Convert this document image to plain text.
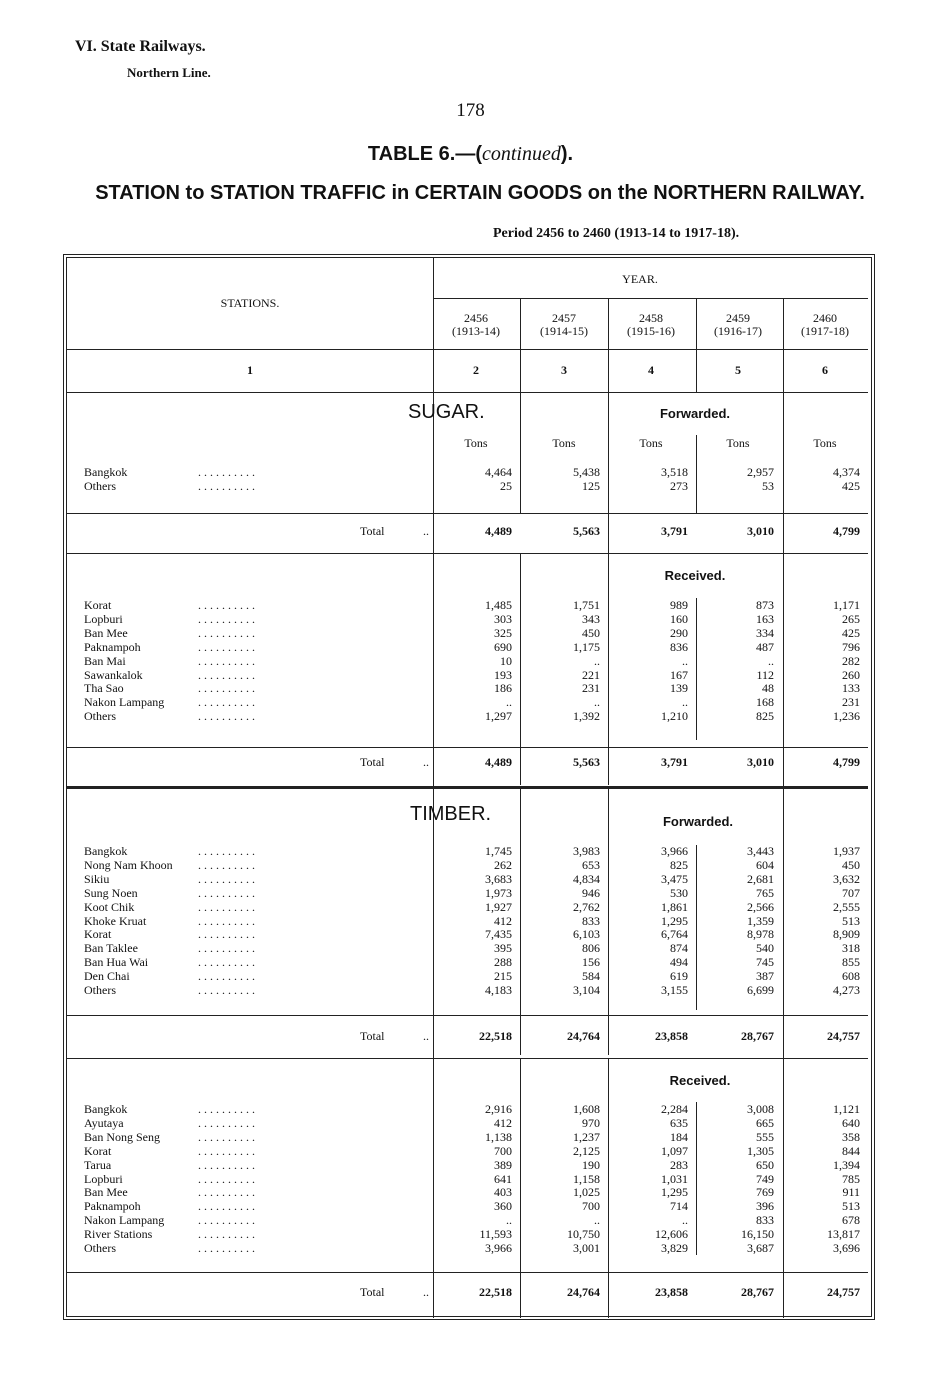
VI. State Railways.
Northern Line.
178
TABLE 6.—(continued).
STATION to STATION TRAFFIC in CERTAIN GOODS on the NORTHERN RAILWAY.
Period 2456 to 2460 (1913-14 to 1917-18).
STATIONS.
YEAR.
2456
(1913-14)
2457
(1914-15)
2458
(1915-16)
2459
(1916-17)
2460
(1917-18)
1	2	3	4	5	6
SUGAR.	Forwarded.
Tons	Tons	Tons	Tons	Tons
Bangkok	. . . . . . . . . .	4,464	5,438	3,518	2,957	4,374
Others	. . . . . . . . . .	25	125	273	53	425
Total	..	4,489	5,563	3,791	3,010	4,799
Received.
Korat	. . . . . . . . . .	1,485	1,751	989	873	1,171
Lopburi	. . . . . . . . . .	303	343	160	163	265
Ban Mee	. . . . . . . . . .	325	450	290	334	425
Paknampoh	. . . . . . . . . .	690	1,175	836	487	796
Ban Mai	. . . . . . . . . .	10	..	..	..	282
Sawankalok	. . . . . . . . . .	193	221	167	112	260
Tha Sao	. . . . . . . . . .	186	231	139	48	133
Nakon Lampang	. . . . . . . . . .	..	..	..	168	231
Others	. . . . . . . . . .	1,297	1,392	1,210	825	1,236
Total	..	4,489	5,563	3,791	3,010	4,799
TIMBER.	Forwarded.
Bangkok	. . . . . . . . . .	1,745	3,983	3,966	3,443	1,937
Nong Nam Khoon	. . . . . . . . . .	262	653	825	604	450
Sikiu	. . . . . . . . . .	3,683	4,834	3,475	2,681	3,632
Sung Noen	. . . . . . . . . .	1,973	946	530	765	707
Koot Chik	. . . . . . . . . .	1,927	2,762	1,861	2,566	2,555
Khoke Kruat	. . . . . . . . . .	412	833	1,295	1,359	513
Korat	. . . . . . . . . .	7,435	6,103	6,764	8,978	8,909
Ban Taklee	. . . . . . . . . .	395	806	874	540	318
Ban Hua Wai	. . . . . . . . . .	288	156	494	745	855
Den Chai	. . . . . . . . . .	215	584	619	387	608
Others	. . . . . . . . . .	4,183	3,104	3,155	6,699	4,273
Total	..	22,518	24,764	23,858	28,767	24,757
Received.
Bangkok	. . . . . . . . . .	2,916	1,608	2,284	3,008	1,121
Ayutaya	. . . . . . . . . .	412	970	635	665	640
Ban Nong Seng	. . . . . . . . . .	1,138	1,237	184	555	358
Korat	. . . . . . . . . .	700	2,125	1,097	1,305	844
Tarua	. . . . . . . . . .	389	190	283	650	1,394
Lopburi	. . . . . . . . . .	641	1,158	1,031	749	785
Ban Mee	. . . . . . . . . .	403	1,025	1,295	769	911
Paknampoh	. . . . . . . . . .	360	700	714	396	513
Nakon Lampang	. . . . . . . . . .	..	..	..	833	678
River Stations	. . . . . . . . . .	11,593	10,750	12,606	16,150	13,817
Others	. . . . . . . . . .	3,966	3,001	3,829	3,687	3,696
Total	..	22,518	24,764	23,858	28,767	24,757
